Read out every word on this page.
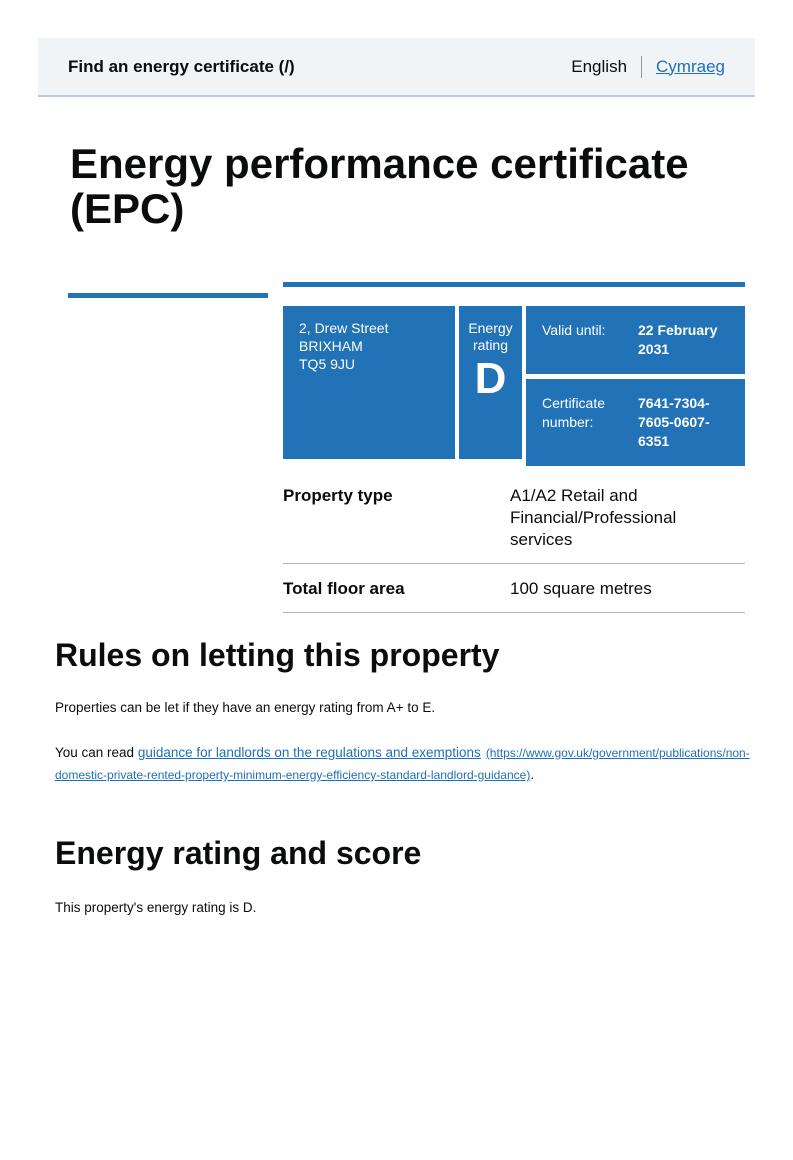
Find an energy certificate (/)	English Cymraeg
Energy performance certificate (EPC)
2, Drew Street
BRIXHAM
TQ5 9JU
Energy rating
D
Valid until:	22 February 2031
Certificate number:
7641-7304-7605-0607-6351
Property type	A1/A2 Retail and Financial/Professional services
Total floor area	100 square metres
Rules on letting this property

Properties can be let if they have an energy rating from A+ to E.

You can read guidance for landlords on the regulations and exemptions (https://www.gov.uk/government/publications/non-
domestic-private-rented-property-minimum-energy-efficiency-standard-landlord-guidance).

Energy rating and score

This property's energy rating is D.
